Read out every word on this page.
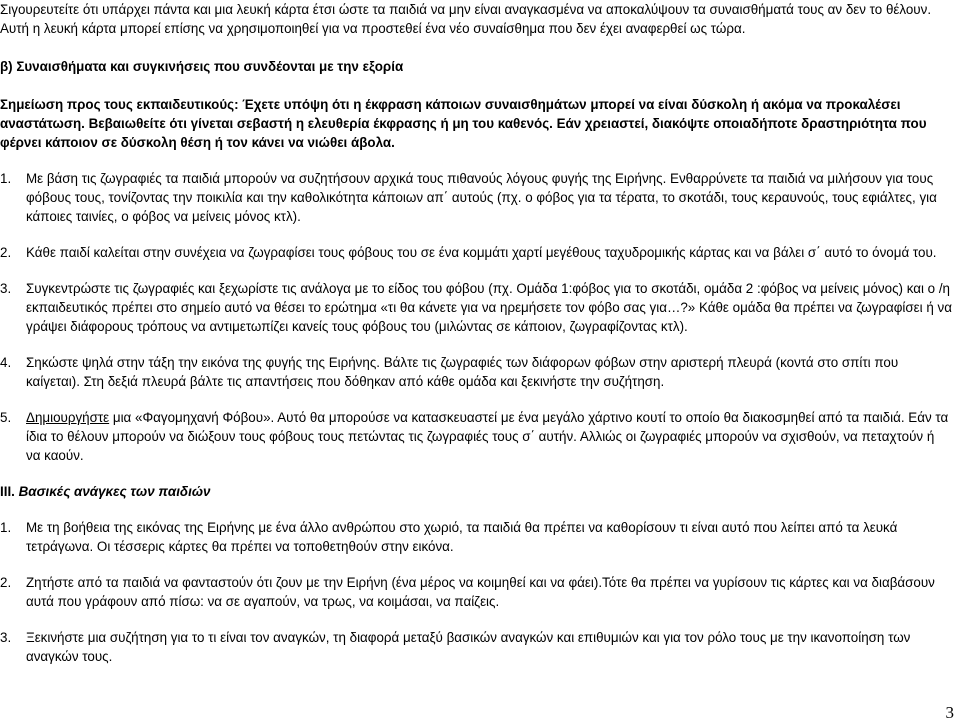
Σιγουρευτείτε ότι υπάρχει πάντα και μια λευκή κάρτα έτσι ώστε τα παιδιά να μην είναι αναγκασμένα να αποκαλύψουν τα συναισθήματά τους αν δεν το θέλουν. Αυτή η λευκή κάρτα μπορεί επίσης να χρησιμοποιηθεί για να προστεθεί ένα νέο συναίσθημα που δεν έχει αναφερθεί ως τώρα.

β) Συναισθήματα και συγκινήσεις που συνδέονται με την εξορία

Σημείωση προς τους εκπαιδευτικούς: Έχετε υπόψη ότι η έκφραση κάποιων συναισθημάτων μπορεί να είναι δύσκολη ή ακόμα να προκαλέσει αναστάτωση. Βεβαιωθείτε ότι γίνεται σεβαστή η ελευθερία έκφρασης ή μη του καθενός. Εάν χρειαστεί, διακόψτε οποιαδήποτε δραστηριότητα που φέρνει κάποιον σε δύσκολη θέση ή τον κάνει να νιώθει άβολα.

1. Με βάση τις ζωγραφιές τα παιδιά μπορούν να συζητήσουν αρχικά τους πιθανούς λόγους φυγής της Ειρήνης. Ενθαρρύνετε τα παιδιά να μιλήσουν για τους φόβους τους, τονίζοντας την ποικιλία και την καθολικότητα κάποιων απ΄ αυτούς (πχ. ο φόβος για τα τέρατα, το σκοτάδι, τους κεραυνούς, τους εφιάλτες, για κάποιες ταινίες, ο φόβος να μείνεις μόνος κτλ).
2. Κάθε παιδί καλείται στην συνέχεια να ζωγραφίσει τους φόβους του σε ένα κομμάτι χαρτί μεγέθους ταχυδρομικής κάρτας και να βάλει σ΄ αυτό το όνομά του.
3. Συγκεντρώστε τις ζωγραφιές και ξεχωρίστε τις ανάλογα με το είδος του φόβου (πχ. Ομάδα 1:φόβος για το σκοτάδι, ομάδα 2 :φόβος να μείνεις μόνος) και ο /η εκπαιδευτικός πρέπει στο σημείο αυτό να θέσει το ερώτημα «τι θα κάνετε για να ηρεμήσετε τον φόβο σας για…?» Κάθε ομάδα θα πρέπει να ζωγραφίσει ή να γράψει διάφορους τρόπους να αντιμετωπίζει κανείς τους φόβους του (μιλώντας σε κάποιον, ζωγραφίζοντας κτλ).
4. Σηκώστε ψηλά στην τάξη την εικόνα της φυγής της Ειρήνης. Βάλτε τις ζωγραφιές των διάφορων φόβων στην αριστερή πλευρά (κοντά στο σπίτι που καίγεται). Στη δεξιά πλευρά βάλτε τις απαντήσεις που δόθηκαν από κάθε ομάδα και ξεκινήστε την συζήτηση.
5. Δημιουργήστε μια «Φαγομηχανή Φόβου». Αυτό θα μπορούσε να κατασκευαστεί με ένα μεγάλο χάρτινο κουτί το οποίο θα διακοσμηθεί από τα παιδιά. Εάν τα ίδια το θέλουν μπορούν να διώξουν τους φόβους τους πετώντας τις ζωγραφιές τους σ΄ αυτήν. Αλλιώς οι ζωγραφιές μπορούν να σχισθούν, να πεταχτούν ή να καούν.

III. Βασικές ανάγκες των παιδιών

1. Με τη βοήθεια της εικόνας της Ειρήνης με ένα άλλο ανθρώπου στο χωριό, τα παιδιά θα πρέπει να καθορίσουν τι είναι αυτό που λείπει από τα λευκά τετράγωνα. Οι τέσσερις κάρτες θα πρέπει να τοποθετηθούν στην εικόνα.
2. Ζητήστε από τα παιδιά να φανταστούν ότι ζουν με την Ειρήνη (ένα μέρος να κοιμηθεί και να φάει).Τότε θα πρέπει να γυρίσουν τις κάρτες και να διαβάσουν αυτά που γράφουν από πίσω: να σε αγαπούν, να τρως, να κοιμάσαι, να παίζεις.
3. Ξεκινήστε μια συζήτηση για το τι είναι τον αναγκών, τη διαφορά μεταξύ βασικών αναγκών και επιθυμιών και για τον ρόλο τους με την ικανοποίηση των αναγκών τους.
3
